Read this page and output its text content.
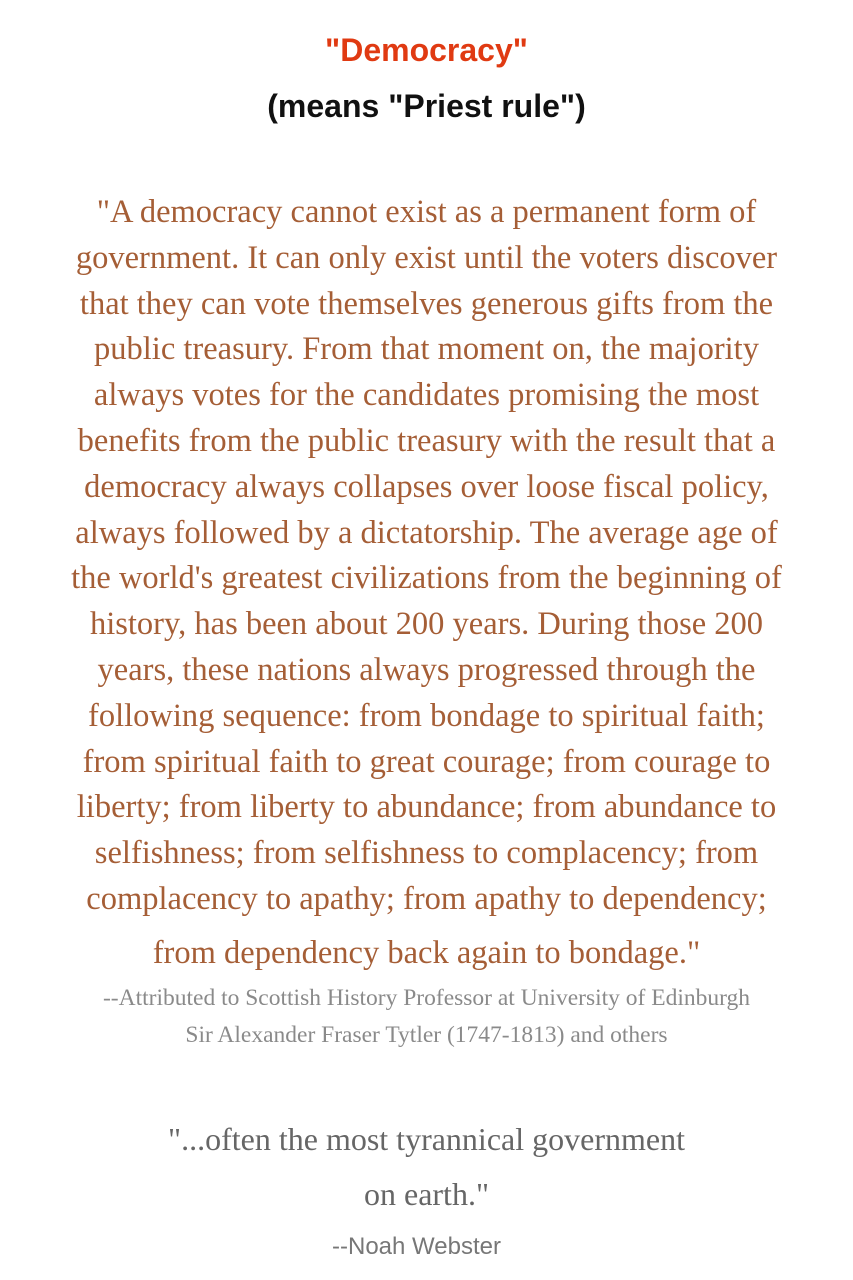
"Democracy"
(means "Priest rule")

"A democracy cannot exist as a permanent form of
government. It can only exist until the voters discover
that they can vote themselves generous gifts from the
public treasury. From that moment on, the majority
always votes for the candidates promising the most
benefits from the public treasury with the result that a
democracy always collapses over loose fiscal policy,
always followed by a dictatorship. The average age of
the world's greatest civilizations from the beginning of
history, has been about 200 years. During those 200
years, these nations always progressed through the
following sequence: from bondage to spiritual faith;
from spiritual faith to great courage; from courage to
liberty; from liberty to abundance; from abundance to
selfishness; from selfishness to complacency; from
complacency to apathy; from apathy to dependency;
from dependency back again to bondage."

--Attributed to Scottish History Professor at University of Edinburgh
Sir Alexander Fraser Tytler (1747-1813) and others

"...often the most tyrannical government
on earth."

--Noah Webster
